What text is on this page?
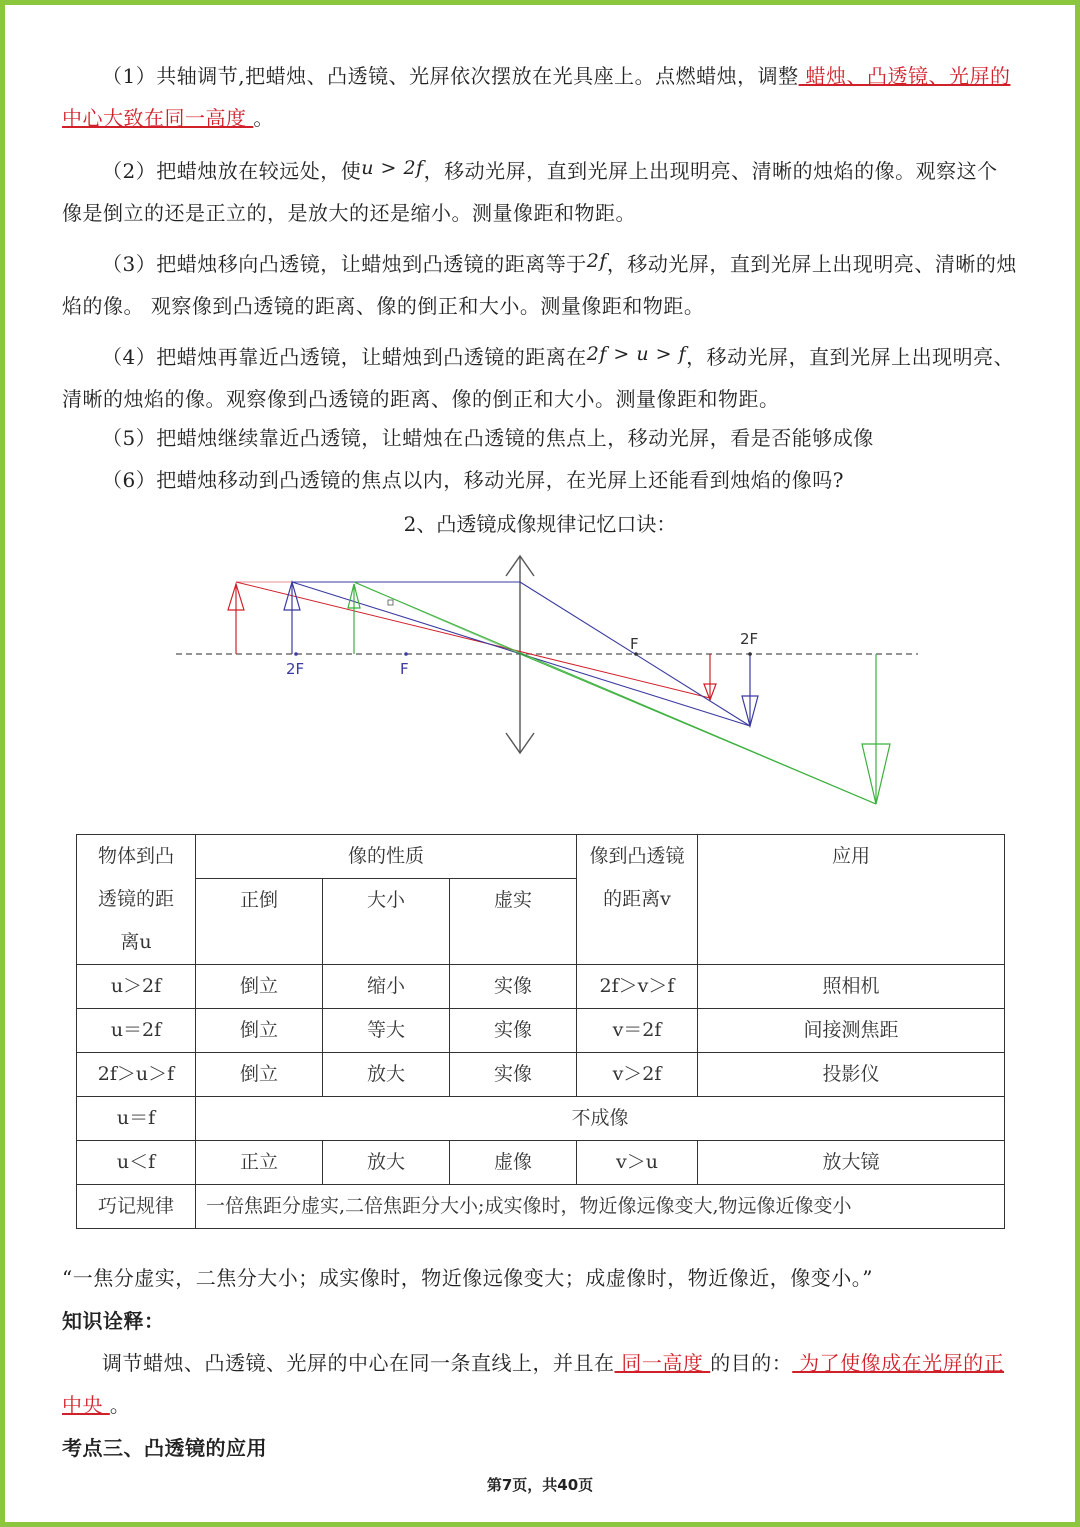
（1）共轴调节,把蜡烛、凸透镜、光屏依次摆放在光具座上。点燃蜡烛，调整 蜡烛、凸透镜、光屏的中心大致在同一高度 。
（2）把蜡烛放在较远处，使u > 2f，移动光屏，直到光屏上出现明亮、清晰的烛焰的像。观察这个像是倒立的还是正立的，是放大的还是缩小。测量像距和物距。
（3）把蜡烛移向凸透镜，让蜡烛到凸透镜的距离等于2f，移动光屏，直到光屏上出现明亮、清晰的烛焰的像。 观察像到凸透镜的距离、像的倒正和大小。测量像距和物距。
（4）把蜡烛再靠近凸透镜，让蜡烛到凸透镜的距离在2f > u > f，移动光屏，直到光屏上出现明亮、清晰的烛焰的像。观察像到凸透镜的距离、像的倒正和大小。测量像距和物距。
（5）把蜡烛继续靠近凸透镜，让蜡烛在凸透镜的焦点上，移动光屏，看是否能够成像
（6）把蜡烛移动到凸透镜的焦点以内，移动光屏，在光屏上还能看到烛焰的像吗?
2、凸透镜成像规律记忆口诀：
2F	F
F	2F
物体到凸透镜的距离u	像的性质			像到凸透镜的距离v	应用
	正倒	大小	虚实		
u＞2f	倒立	缩小	实像	2f＞v＞f	照相机
u＝2f	倒立	等大	实像	v＝2f	间接测焦距
2f＞u＞f	倒立	放大	实像	v＞2f	投影仪
u＝f	不成像				
u＜f	正立	放大	虚像	v＞u	放大镜
巧记规律	一倍焦距分虚实,二倍焦距分大小;成实像时，物近像远像变大,物远像近像变小				
“一焦分虚实，二焦分大小；成实像时，物近像远像变大；成虚像时，物近像近，像变小。”
知识诠释：
调节蜡烛、凸透镜、光屏的中心在同一条直线上，并且在 同一高度 的目的： 为了使像成在光屏的正中央 。
考点三、凸透镜的应用
第7页，共40页
